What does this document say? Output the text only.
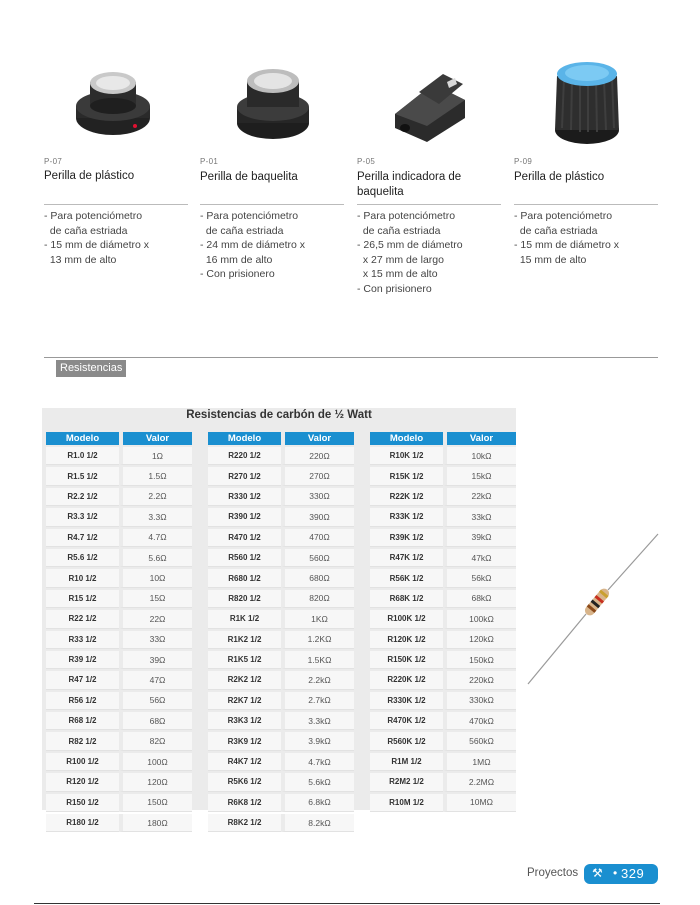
P-07
Perilla de plástico
- Para potenciómetro
de caña estriada
- 15 mm de diámetro x
13 mm de alto
P-01
Perilla de baquelita
- Para potenciómetro
de caña estriada
- 24 mm de diámetro x
16 mm de alto
- Con prisionero
P-05
Perilla indicadora de baquelita
- Para potenciómetro
de caña estriada
- 26,5 mm de diámetro
x 27 mm de largo
x 15 mm de alto
- Con prisionero
P-09
Perilla de plástico
- Para potenciómetro
de caña estriada
- 15 mm de diámetro x
15 mm de alto
Resistencias
Resistencias de carbón de ½ Watt
Modelo	Valor
R1.0 1/2	1Ω
R1.5 1/2	1.5Ω
R2.2 1/2	2.2Ω
R3.3 1/2	3.3Ω
R4.7 1/2	4.7Ω
R5.6 1/2	5.6Ω
R10 1/2	10Ω
R15 1/2	15Ω
R22 1/2	22Ω
R33 1/2	33Ω
R39 1/2	39Ω
R47 1/2	47Ω
R56 1/2	56Ω
R68 1/2	68Ω
R82 1/2	82Ω
R100 1/2	100Ω
R120 1/2	120Ω
R150 1/2	150Ω
R180 1/2	180Ω
Modelo	Valor
R220 1/2	220Ω
R270 1/2	270Ω
R330 1/2	330Ω
R390 1/2	390Ω
R470 1/2	470Ω
R560 1/2	560Ω
R680 1/2	680Ω
R820 1/2	820Ω
R1K 1/2	1KΩ
R1K2 1/2	1.2KΩ
R1K5 1/2	1.5KΩ
R2K2 1/2	2.2kΩ
R2K7 1/2	2.7kΩ
R3K3 1/2	3.3kΩ
R3K9 1/2	3.9kΩ
R4K7 1/2	4.7kΩ
R5K6 1/2	5.6kΩ
R6K8 1/2	6.8kΩ
R8K2 1/2	8.2kΩ
Modelo	Valor
R10K 1/2	10kΩ
R15K 1/2	15kΩ
R22K 1/2	22kΩ
R33K 1/2	33kΩ
R39K 1/2	39kΩ
R47K 1/2	47kΩ
R56K 1/2	56kΩ
R68K 1/2	68kΩ
R100K 1/2	100kΩ
R120K 1/2	120kΩ
R150K 1/2	150kΩ
R220K 1/2	220kΩ
R330K 1/2	330kΩ
R470K 1/2	470kΩ
R560K 1/2	560kΩ
R1M 1/2	1MΩ
R2M2 1/2	2.2MΩ
R10M 1/2	10MΩ
Proyectos ⚒ • 329
